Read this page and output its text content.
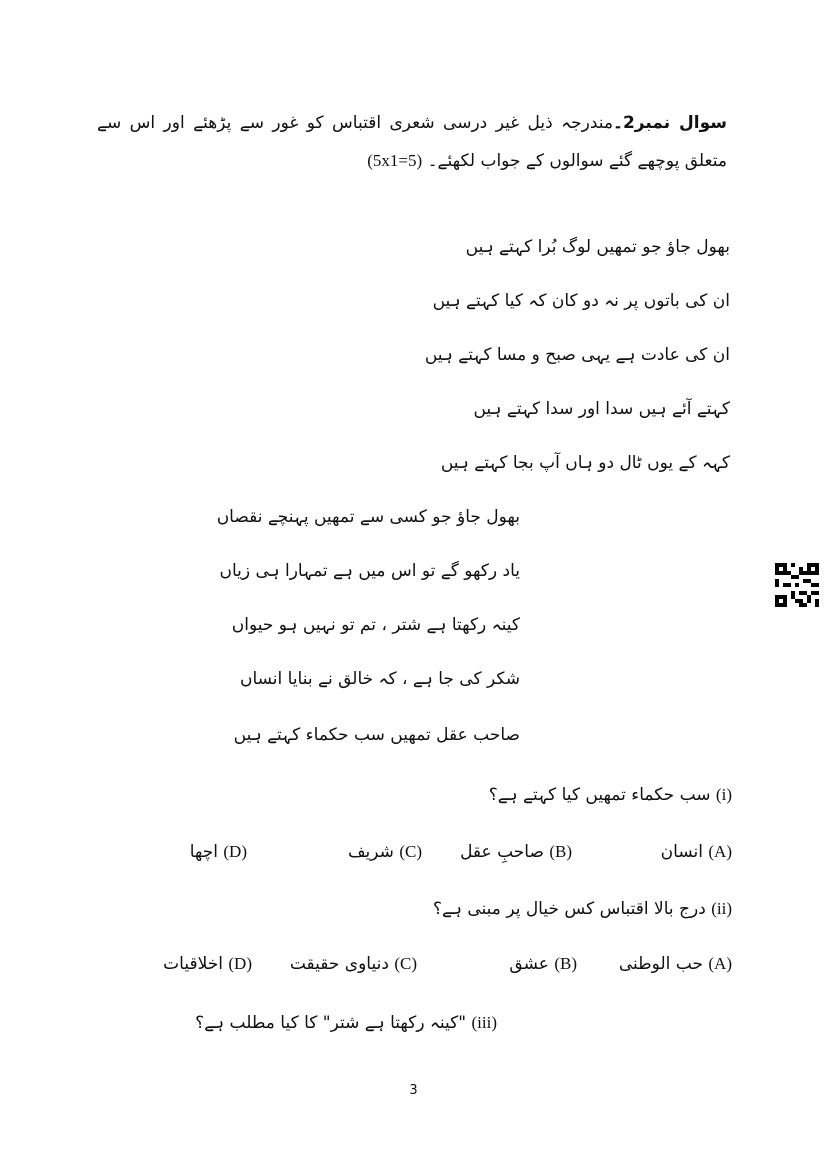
سوال نمبر2۔مندرجہ ذیل غیر درسی شعری اقتباس کو غور سے پڑھئے اور اس سے متعلق پوچھے گئے سوالوں کے جواب لکھئے۔ (5x1=5)
بھول جاؤ جو تمھیں لوگ بُرا کہتے ہیں
ان کی باتوں پر نہ دو کان کہ کیا کہتے ہیں
ان کی عادت ہے یہی صبح و مسا کہتے ہیں
کہتے آئے ہیں سدا اور سدا کہتے ہیں
کہہ کے یوں ٹال دو ہاں آپ بجا کہتے ہیں
بھول جاؤ جو کسی سے تمھیں پہنچے نقصاں
یاد رکھو گے تو اس میں ہے تمہارا ہی زیاں
کینہ رکھتا ہے شتر ، تم تو نہیں ہو حیواں
شکر کی جا ہے ، کہ خالق نے بنایا انساں
صاحب عقل تمھیں سب حکماء کہتے ہیں
(i) سب حکماء تمھیں کیا کہتے ہے؟
(A) انسان
(B) صاحبِ عقل
(C) شریف
(D) اچھا
(ii) درج بالا اقتباس کس خیال پر مبنی ہے؟
(A) حب الوطنی
(B) عشق
(C) دنیاوی حقیقت
(D) اخلاقیات
(iii) "کینہ رکھتا ہے شتر" کا کیا مطلب ہے؟
3
